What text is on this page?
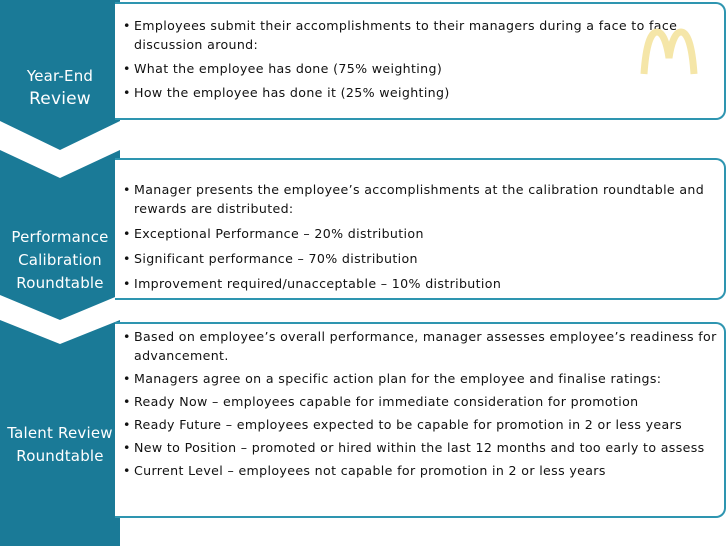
Year-End
Review
• Employees submit their accomplishments to their managers during a face to face discussion around:
• What the employee has done (75% weighting)
• How the employee has done it (25% weighting)
Performance
Calibration
Roundtable
• Manager presents the employee’s accomplishments at the calibration roundtable and rewards are distributed:
• Exceptional Performance – 20% distribution
• Significant performance – 70% distribution
• Improvement required/unacceptable – 10% distribution
Talent Review
Roundtable
• Based on employee’s overall performance, manager assesses employee’s readiness for advancement.
• Managers agree on a specific action plan for the employee and finalise ratings:
• Ready Now – employees capable for immediate consideration for promotion
• Ready Future – employees expected to be capable for promotion in 2 or less years
• New to Position – promoted or hired within the last 12 months and too early to assess
• Current Level – employees not capable for promotion in 2 or less years
